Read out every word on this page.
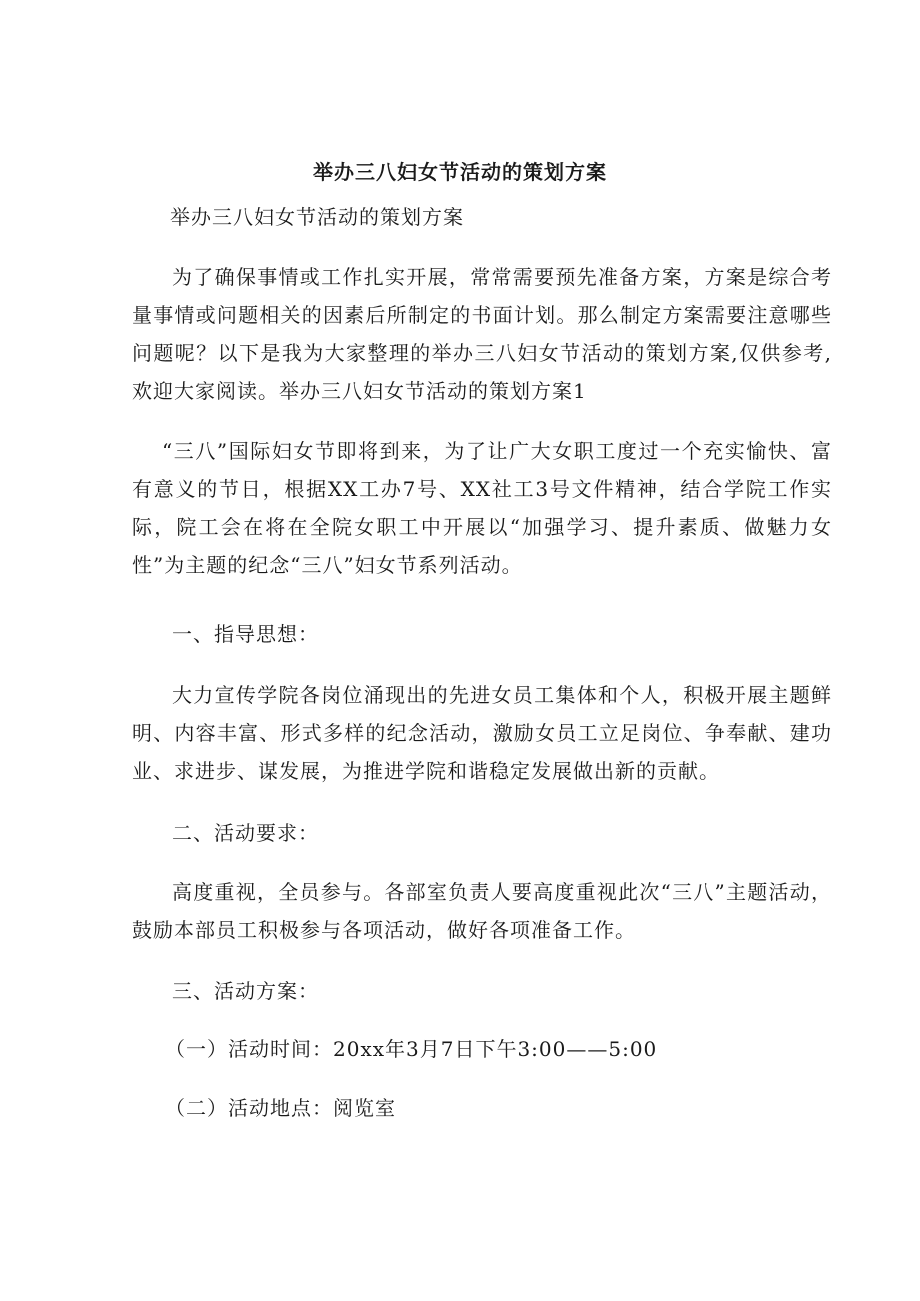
举办三八妇女节活动的策划方案

举办三八妇女节活动的策划方案

为了确保事情或工作扎实开展，常常需要预先准备方案，方案是综合考量事情或问题相关的因素后所制定的书面计划。那么制定方案需要注意哪些问题呢？以下是我为大家整理的举办三八妇女节活动的策划方案,仅供参考,欢迎大家阅读。举办三八妇女节活动的策划方案1

“三八”国际妇女节即将到来，为了让广大女职工度过一个充实愉快、富有意义的节日，根据XX工办7号、XX社工3号文件精神，结合学院工作实际，院工会在将在全院女职工中开展以“加强学习、提升素质、做魅力女性”为主题的纪念“三八”妇女节系列活动。

一、指导思想：

大力宣传学院各岗位涌现出的先进女员工集体和个人，积极开展主题鲜明、内容丰富、形式多样的纪念活动，激励女员工立足岗位、争奉献、建功业、求进步、谋发展，为推进学院和谐稳定发展做出新的贡献。

二、活动要求：

高度重视，全员参与。各部室负责人要高度重视此次“三八”主题活动，鼓励本部员工积极参与各项活动，做好各项准备工作。

三、活动方案：

（一）活动时间：20xx年3月7日下午3:00——5:00

（二）活动地点：阅览室
